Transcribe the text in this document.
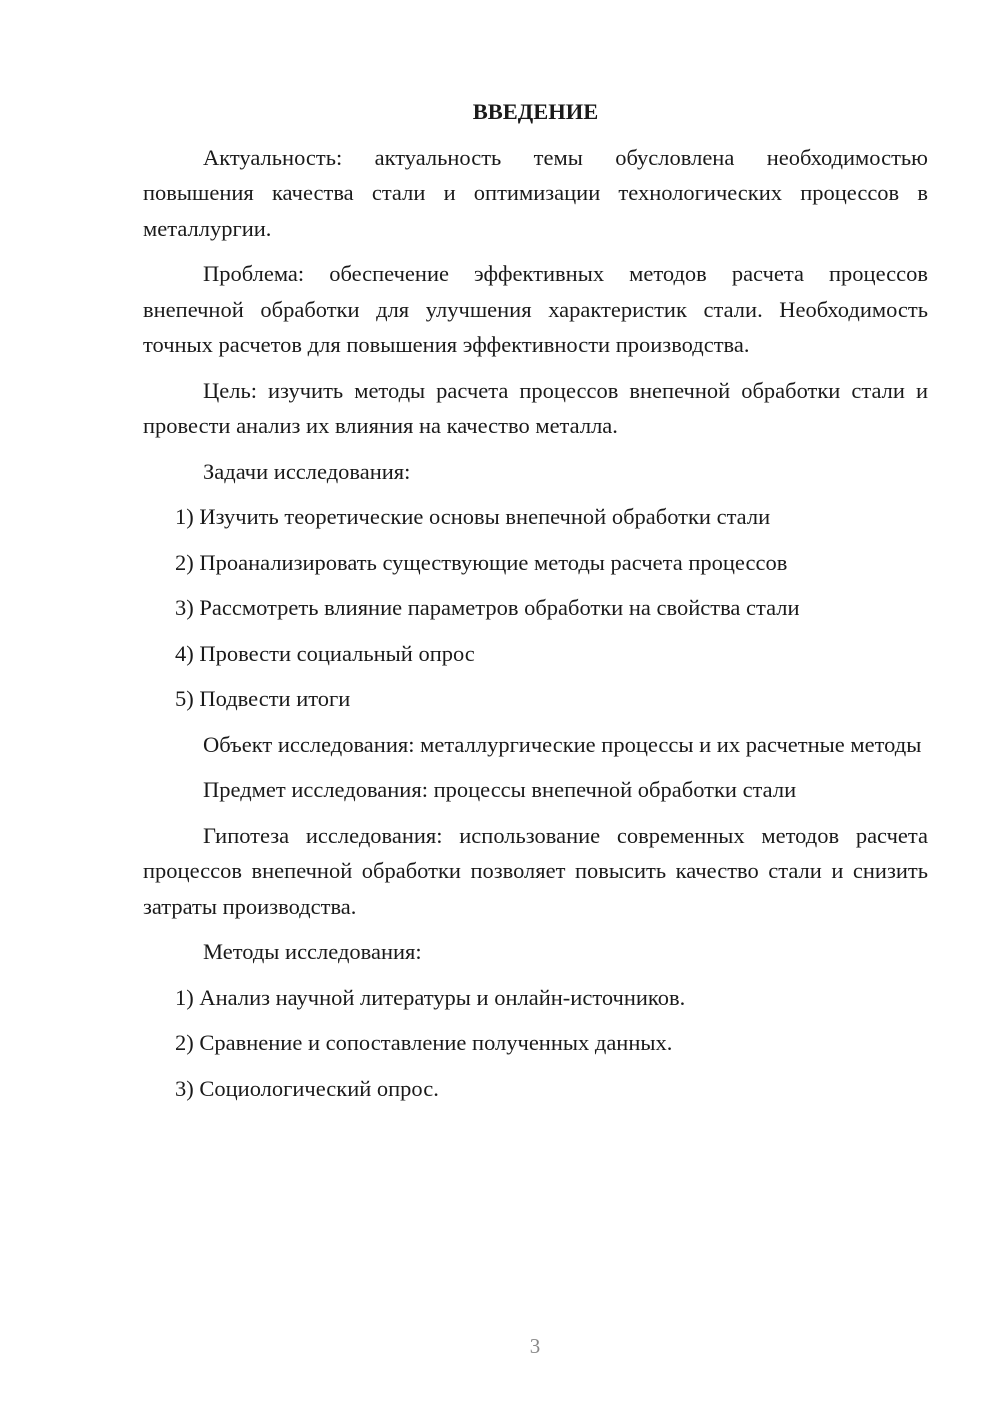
ВВЕДЕНИЕ

Актуальность: актуальность темы обусловлена необходимостью повышения качества стали и оптимизации технологических процессов в металлургии.

Проблема: обеспечение эффективных методов расчета процессов внепечной обработки для улучшения характеристик стали. Необходимость точных расчетов для повышения эффективности производства.

Цель: изучить методы расчета процессов внепечной обработки стали и провести анализ их влияния на качество металла.

Задачи исследования:

1) Изучить теоретические основы внепечной обработки стали
2) Проанализировать существующие методы расчета процессов
3) Рассмотреть влияние параметров обработки на свойства стали
4) Провести социальный опрос
5) Подвести итоги

Объект исследования: металлургические процессы и их расчетные методы

Предмет исследования: процессы внепечной обработки стали

Гипотеза исследования: использование современных методов расчета процессов внепечной обработки позволяет повысить качество стали и снизить затраты производства.

Методы исследования:

1) Анализ научной литературы и онлайн-источников.
2) Сравнение и сопоставление полученных данных.
3) Социологический опрос.
3
